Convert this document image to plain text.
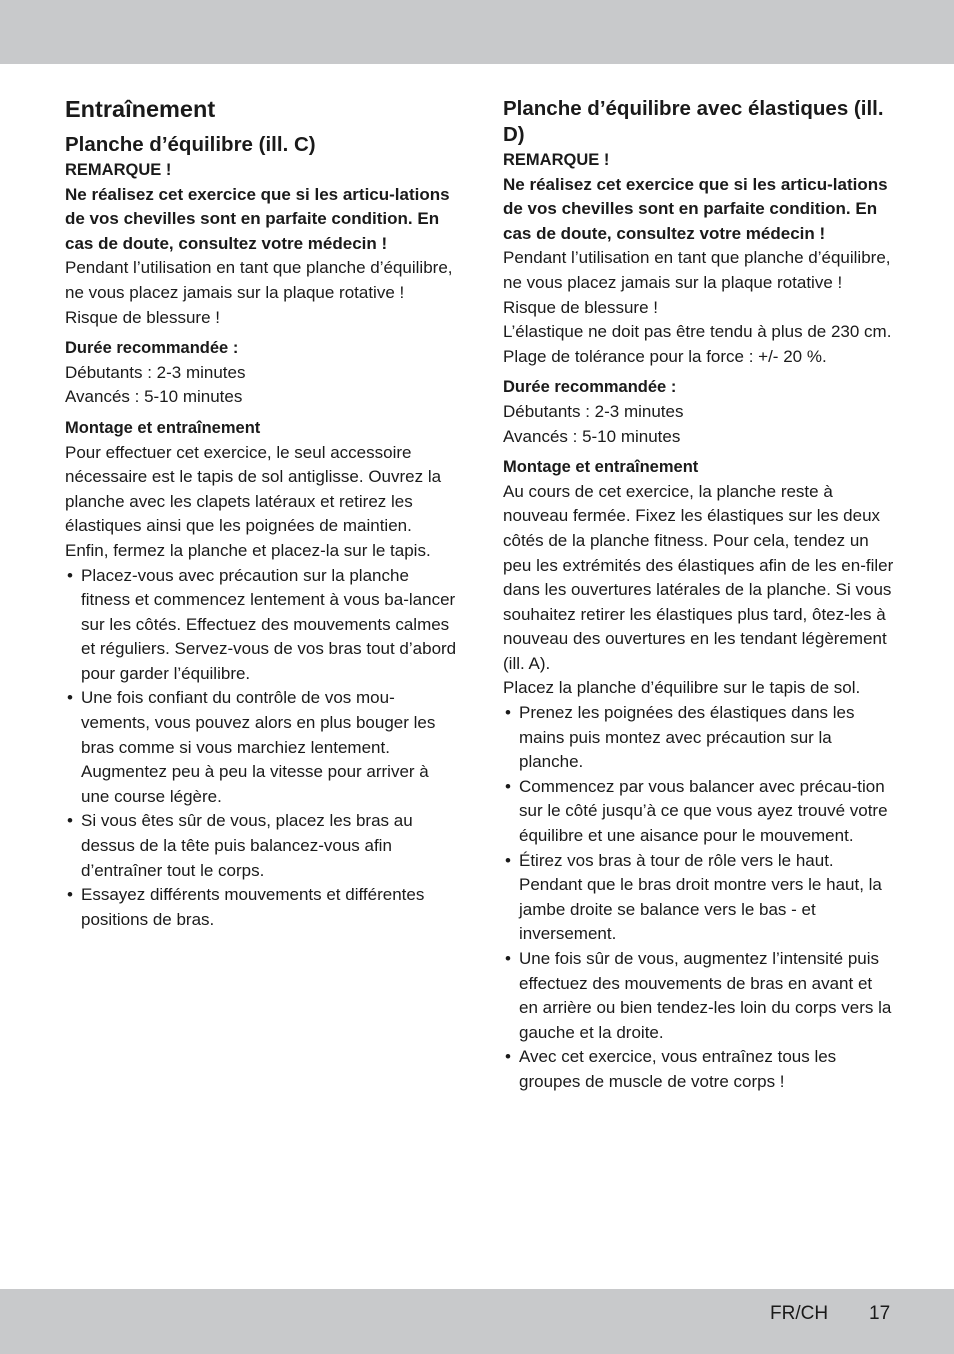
Entraînement
Planche d’équilibre (ill. C)
REMARQUE !
Ne réalisez cet exercice que si les articu-lations de vos chevilles sont en parfaite condition. En cas de doute, consultez votre médecin !

Pendant l’utilisation en tant que planche d’équilibre, ne vous placez jamais sur la plaque rotative ! Risque de blessure !

Durée recommandée :

Débutants : 2-3 minutes

Avancés : 5-10 minutes

Montage et entraînement

Pour effectuer cet exercice, le seul accessoire nécessaire est le tapis de sol antiglisse. Ouvrez la planche avec les clapets latéraux et retirez les élastiques ainsi que les poignées de maintien. Enfin, fermez la planche et placez-la sur le tapis.

• Placez-vous avec précaution sur la planche fitness et commencez lentement à vous ba-lancer sur les côtés. Effectuez des mouvements calmes et réguliers. Servez-vous de vos bras tout d’abord pour garder l’équilibre.
• Une fois confiant du contrôle de vos mou-vements, vous pouvez alors en plus bouger les bras comme si vous marchiez lentement. Augmentez peu à peu la vitesse pour arriver à une course légère.
• Si vous êtes sûr de vous, placez les bras au dessus de la tête puis balancez-vous afin d’entraîner tout le corps.
• Essayez différents mouvements et différentes positions de bras.
Planche d’équilibre avec élastiques (ill. D)
REMARQUE !
Ne réalisez cet exercice que si les articu-lations de vos chevilles sont en parfaite condition. En cas de doute, consultez votre médecin !

Pendant l’utilisation en tant que planche d’équilibre, ne vous placez jamais sur la plaque rotative ! Risque de blessure !

L’élastique ne doit pas être tendu à plus de 230 cm. Plage de tolérance pour la force : +/- 20 %.

Durée recommandée :

Débutants : 2-3 minutes

Avancés : 5-10 minutes

Montage et entraînement

Au cours de cet exercice, la planche reste à nouveau fermée. Fixez les élastiques sur les deux côtés de la planche fitness. Pour cela, tendez un peu les extrémités des élastiques afin de les en-filer dans les ouvertures latérales de la planche. Si vous souhaitez retirer les élastiques plus tard, ôtez-les à nouveau des ouvertures en les tendant légèrement (ill. A).

Placez la planche d’équilibre sur le tapis de sol.

• Prenez les poignées des élastiques dans les mains puis montez avec précaution sur la planche.
• Commencez par vous balancer avec précau-tion sur le côté jusqu’à ce que vous ayez trouvé votre équilibre et une aisance pour le mouvement.
• Étirez vos bras à tour de rôle vers le haut. Pendant que le bras droit montre vers le haut, la jambe droite se balance vers le bas - et inversement.
• Une fois sûr de vous, augmentez l’intensité puis effectuez des mouvements de bras en avant et en arrière ou bien tendez-les loin du corps vers la gauche et la droite.
• Avec cet exercice, vous entraînez tous les groupes de muscle de votre corps !
FR/CH 17
